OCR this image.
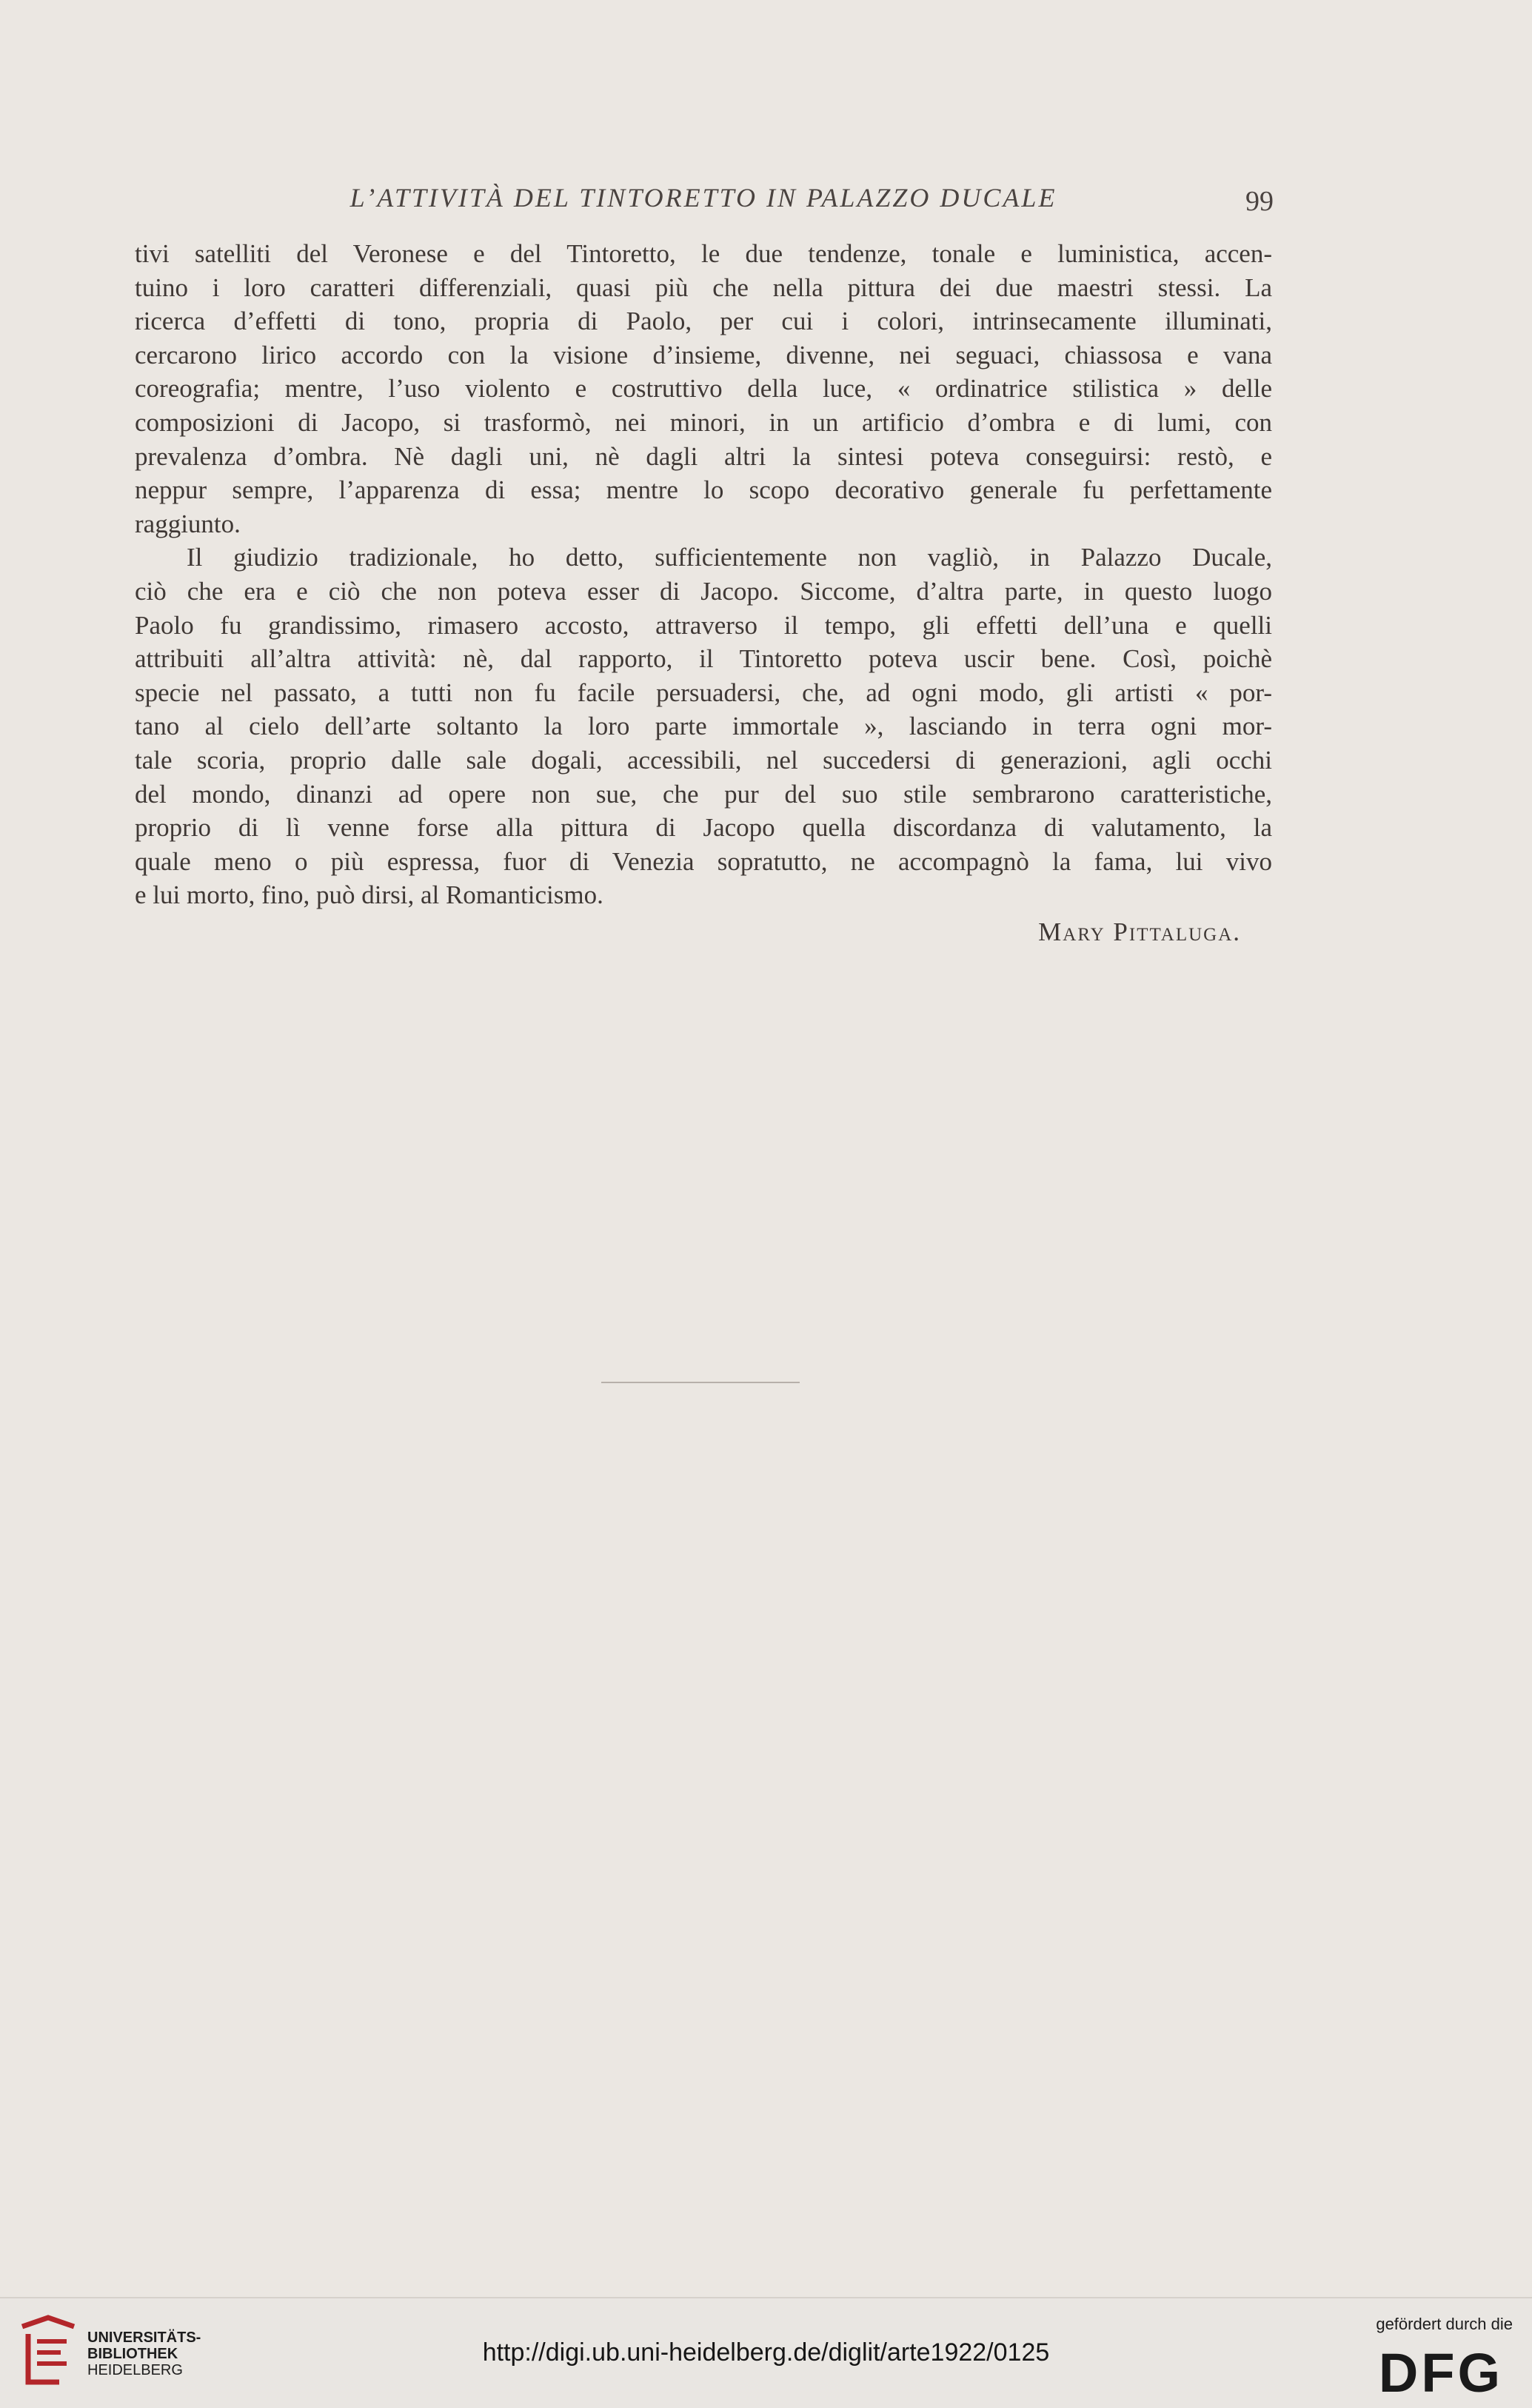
L’ATTIVITÀ DEL TINTORETTO IN PALAZZO DUCALE	99
tivi satelliti del Veronese e del Tintoretto, le due tendenze, tonale e luministica, accen-
tuino i loro caratteri differenziali, quasi più che nella pittura dei due maestri stessi. La
ricerca d’effetti di tono, propria di Paolo, per cui i colori, intrinsecamente illuminati,
cercarono lirico accordo con la visione d’insieme, divenne, nei seguaci, chiassosa e vana
coreografia; mentre, l’uso violento e costruttivo della luce, « ordinatrice stilistica » delle
composizioni di Jacopo, si trasformò, nei minori, in un artificio d’ombra e di lumi, con
prevalenza d’ombra. Nè dagli uni, nè dagli altri la sintesi poteva conseguirsi: restò, e
neppur sempre, l’apparenza di essa; mentre lo scopo decorativo generale fu perfettamente
raggiunto.
Il giudizio tradizionale, ho detto, sufficientemente non vagliò, in Palazzo Ducale,
ciò che era e ciò che non poteva esser di Jacopo. Siccome, d’altra parte, in questo luogo
Paolo fu grandissimo, rimasero accosto, attraverso il tempo, gli effetti dell’una e quelli
attribuiti all’altra attività: nè, dal rapporto, il Tintoretto poteva uscir bene. Così, poichè
specie nel passato, a tutti non fu facile persuadersi, che, ad ogni modo, gli artisti « por-
tano al cielo dell’arte soltanto la loro parte immortale », lasciando in terra ogni mor-
tale scoria, proprio dalle sale dogali, accessibili, nel succedersi di generazioni, agli occhi
del mondo, dinanzi ad opere non sue, che pur del suo stile sembrarono caratteristiche,
proprio di lì venne forse alla pittura di Jacopo quella discordanza di valutamento, la
quale meno o più espressa, fuor di Venezia sopratutto, ne accompagnò la fama, lui vivo
e lui morto, fino, può dirsi, al Romanticismo.
Mary Pittaluga.
UNIVERSITÄTS-
BIBLIOTHEK
HEIDELBERG
http://digi.ub.uni-heidelberg.de/diglit/arte1922/0125
gefördert durch die
DFG
